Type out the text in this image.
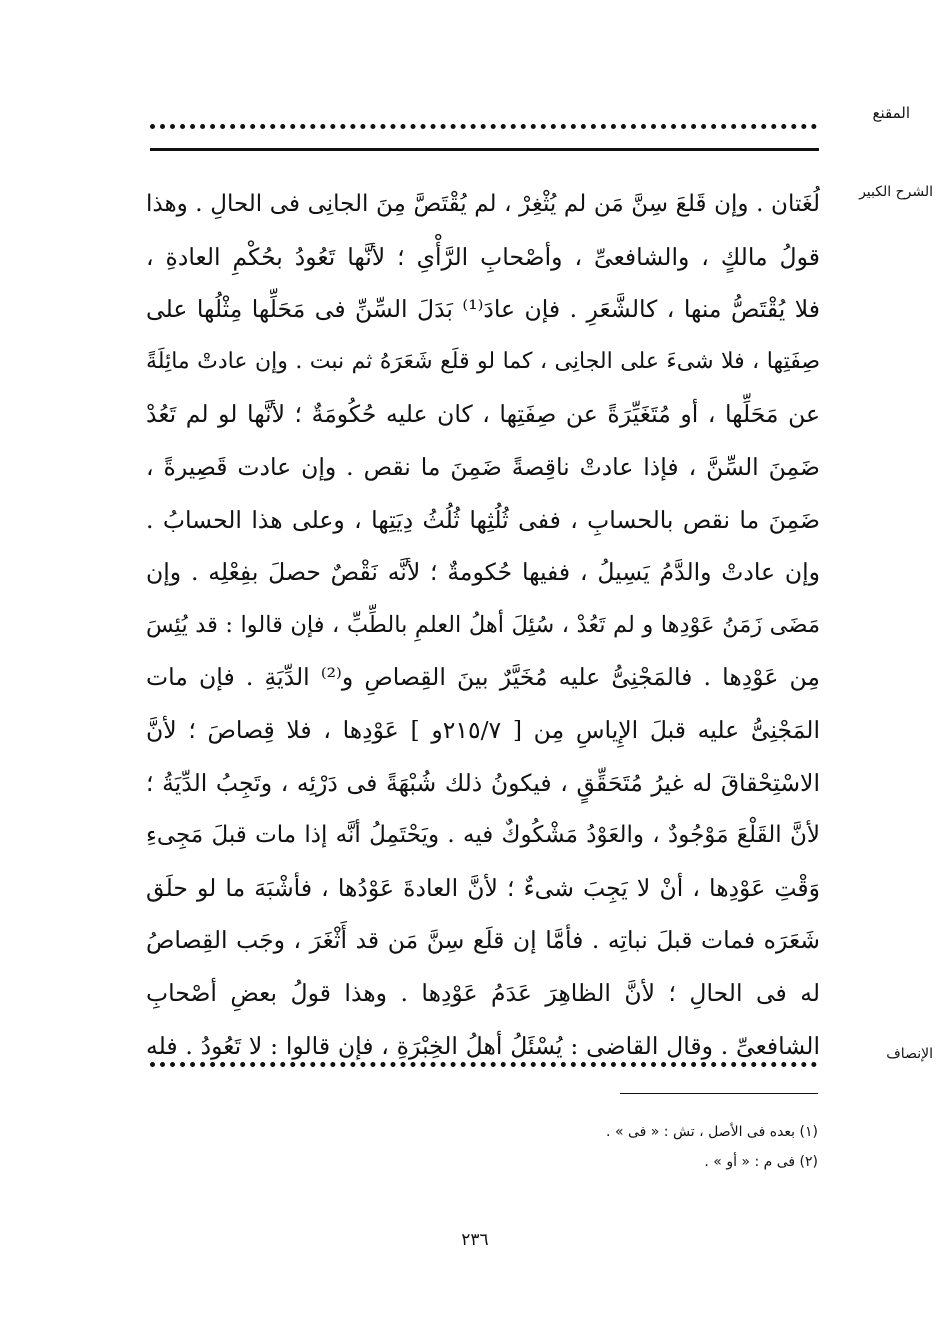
المقنع
الشرح الكبير
لُغَتان . وإن قَلعَ سِنَّ مَن لم يُثْغِرْ ، لم يُقْتَصَّ مِنَ الجانِى فى الحالِ . وهذا
قولُ مالكٍ ، والشافعىِّ ، وأصْحابِ الرَّأْىِ ؛ لأنَّها تَعُودُ بحُكْمِ العادةِ ،
فلا يُقْتَصُّ منها ، كالشَّعَرِ . فإن عادَ⁽¹⁾ بَدَلَ السِّنِّ فى مَحَلِّها مِثْلُها على
صِفَتِها ، فلا شىءَ على الجانِى ، كما لو قلَع شَعَرَهُ ثم نبت . وإن عادتْ مائِلَةً
عن مَحَلِّها ، أو مُتَغَيِّرَةً عن صِفَتِها ، كان عليه حُكُومَةٌ ؛ لأنَّها لو لم تَعُدْ
ضَمِنَ السِّنَّ ، فإذا عادتْ ناقِصةً ضَمِنَ ما نقص . وإن عادت قَصِيرةً ،
ضَمِنَ ما نقص بالحسابِ ، ففى ثُلُثِها ثُلُثُ دِيَتِها ، وعلى هذا الحسابُ .
وإن عادتْ والدَّمُ يَسِيلُ ، ففيها حُكومةٌ ؛ لأنَّه نَقْصٌ حصلَ بفِعْلِه . وإن
مَضَى زَمَنُ عَوْدِها و لم تَعُدْ ، سُئِلَ أهلُ العلمِ بالطِّبِّ ، فإن قالوا : قد يُئِسَ
مِن عَوْدِها . فالمَجْنِىُّ عليه مُخَيَّرٌ بينَ القِصاصِ و⁽²⁾ الدِّيَةِ . فإن مات
المَجْنِىُّ عليه قبلَ الإِياسِ مِن [ ٢١٥/٧و ] عَوْدِها ، فلا قِصاصَ ؛ لأنَّ
الاسْتِحْقاقَ له غيرُ مُتَحَقِّقٍ ، فيكونُ ذلك شُبْهَةً فى دَرْئِه ، وتَجِبُ الدِّيَةُ ؛
لأنَّ القَلْعَ مَوْجُودٌ ، والعَوْدُ مَشْكُوكٌ فيه . ويَحْتَمِلُ أنَّه إذا مات قبلَ مَجِىءِ
وَقْتِ عَوْدِها ، أنْ لا يَجِبَ شىءٌ ؛ لأنَّ العادةَ عَوْدُها ، فأشْبَهَ ما لو حلَق
شَعَرَه فمات قبلَ نباتِه . فأمَّا إن قلَع سِنَّ مَن قد أَثْغَرَ ، وجَب القِصاصُ
له فى الحالِ ؛ لأنَّ الظاهِرَ عَدَمُ عَوْدِها . وهذا قولُ بعضِ أصْحابِ
الشافعىِّ . وقال القاضى : يُسْئَلُ أهلُ الخِبْرَةِ ، فإن قالوا : لا تَعُودُ . فله	الإنصاف
(١) بعده فى الأصل ، تش : « فى » .
(٢) فى م : « أو » .
٢٣٦
